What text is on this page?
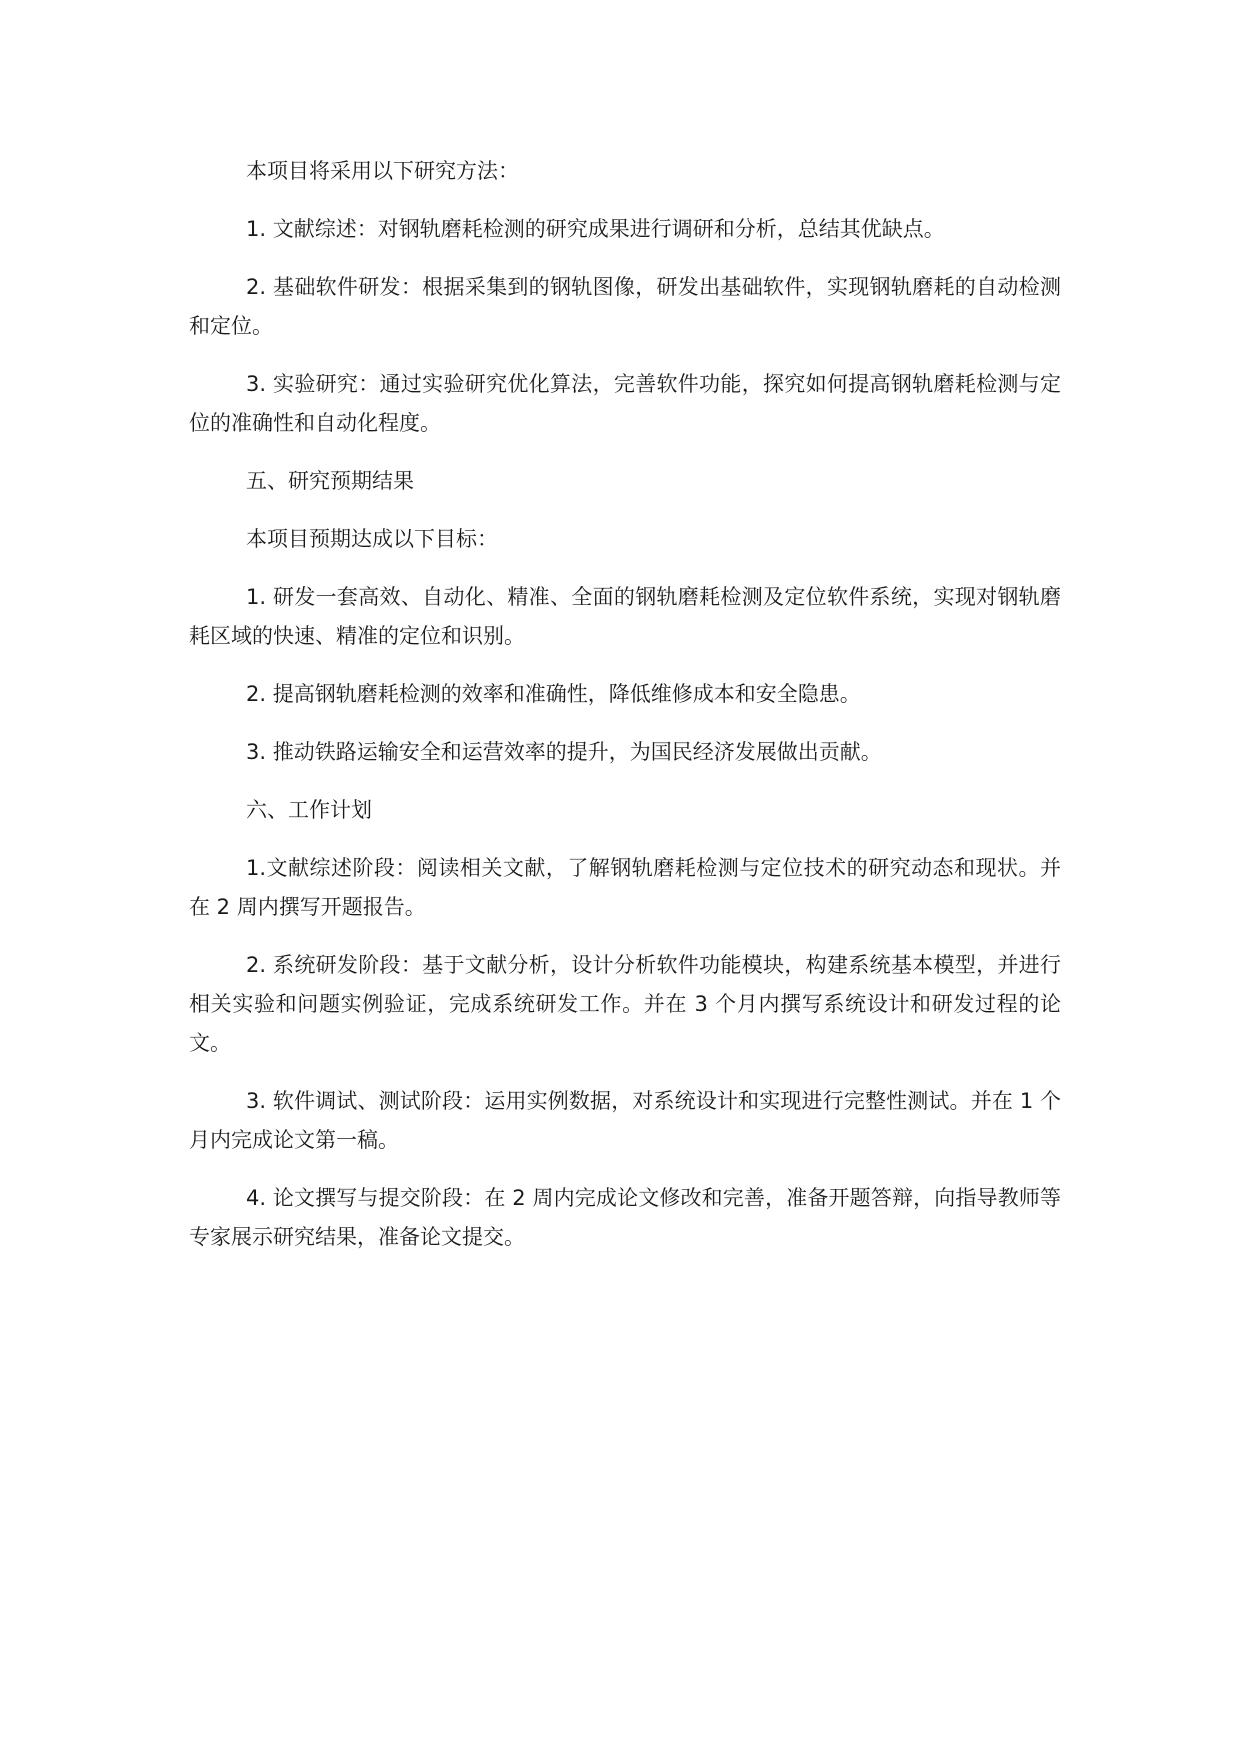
本项目将采用以下研究方法：

1. 文献综述：对钢轨磨耗检测的研究成果进行调研和分析，总结其优缺点。

2. 基础软件研发：根据采集到的钢轨图像，研发出基础软件，实现钢轨磨耗的自动检测和定位。

3. 实验研究：通过实验研究优化算法，完善软件功能，探究如何提高钢轨磨耗检测与定位的准确性和自动化程度。

五、研究预期结果

本项目预期达成以下目标：

1. 研发一套高效、自动化、精准、全面的钢轨磨耗检测及定位软件系统，实现对钢轨磨耗区域的快速、精准的定位和识别。

2. 提高钢轨磨耗检测的效率和准确性，降低维修成本和安全隐患。

3. 推动铁路运输安全和运营效率的提升，为国民经济发展做出贡献。

六、工作计划

1.文献综述阶段：阅读相关文献，了解钢轨磨耗检测与定位技术的研究动态和现状。并在 2 周内撰写开题报告。

2. 系统研发阶段：基于文献分析，设计分析软件功能模块，构建系统基本模型，并进行相关实验和问题实例验证，完成系统研发工作。并在 3 个月内撰写系统设计和研发过程的论文。

3. 软件调试、测试阶段：运用实例数据，对系统设计和实现进行完整性测试。并在 1 个月内完成论文第一稿。

4. 论文撰写与提交阶段：在 2 周内完成论文修改和完善，准备开题答辩，向指导教师等专家展示研究结果，准备论文提交。
